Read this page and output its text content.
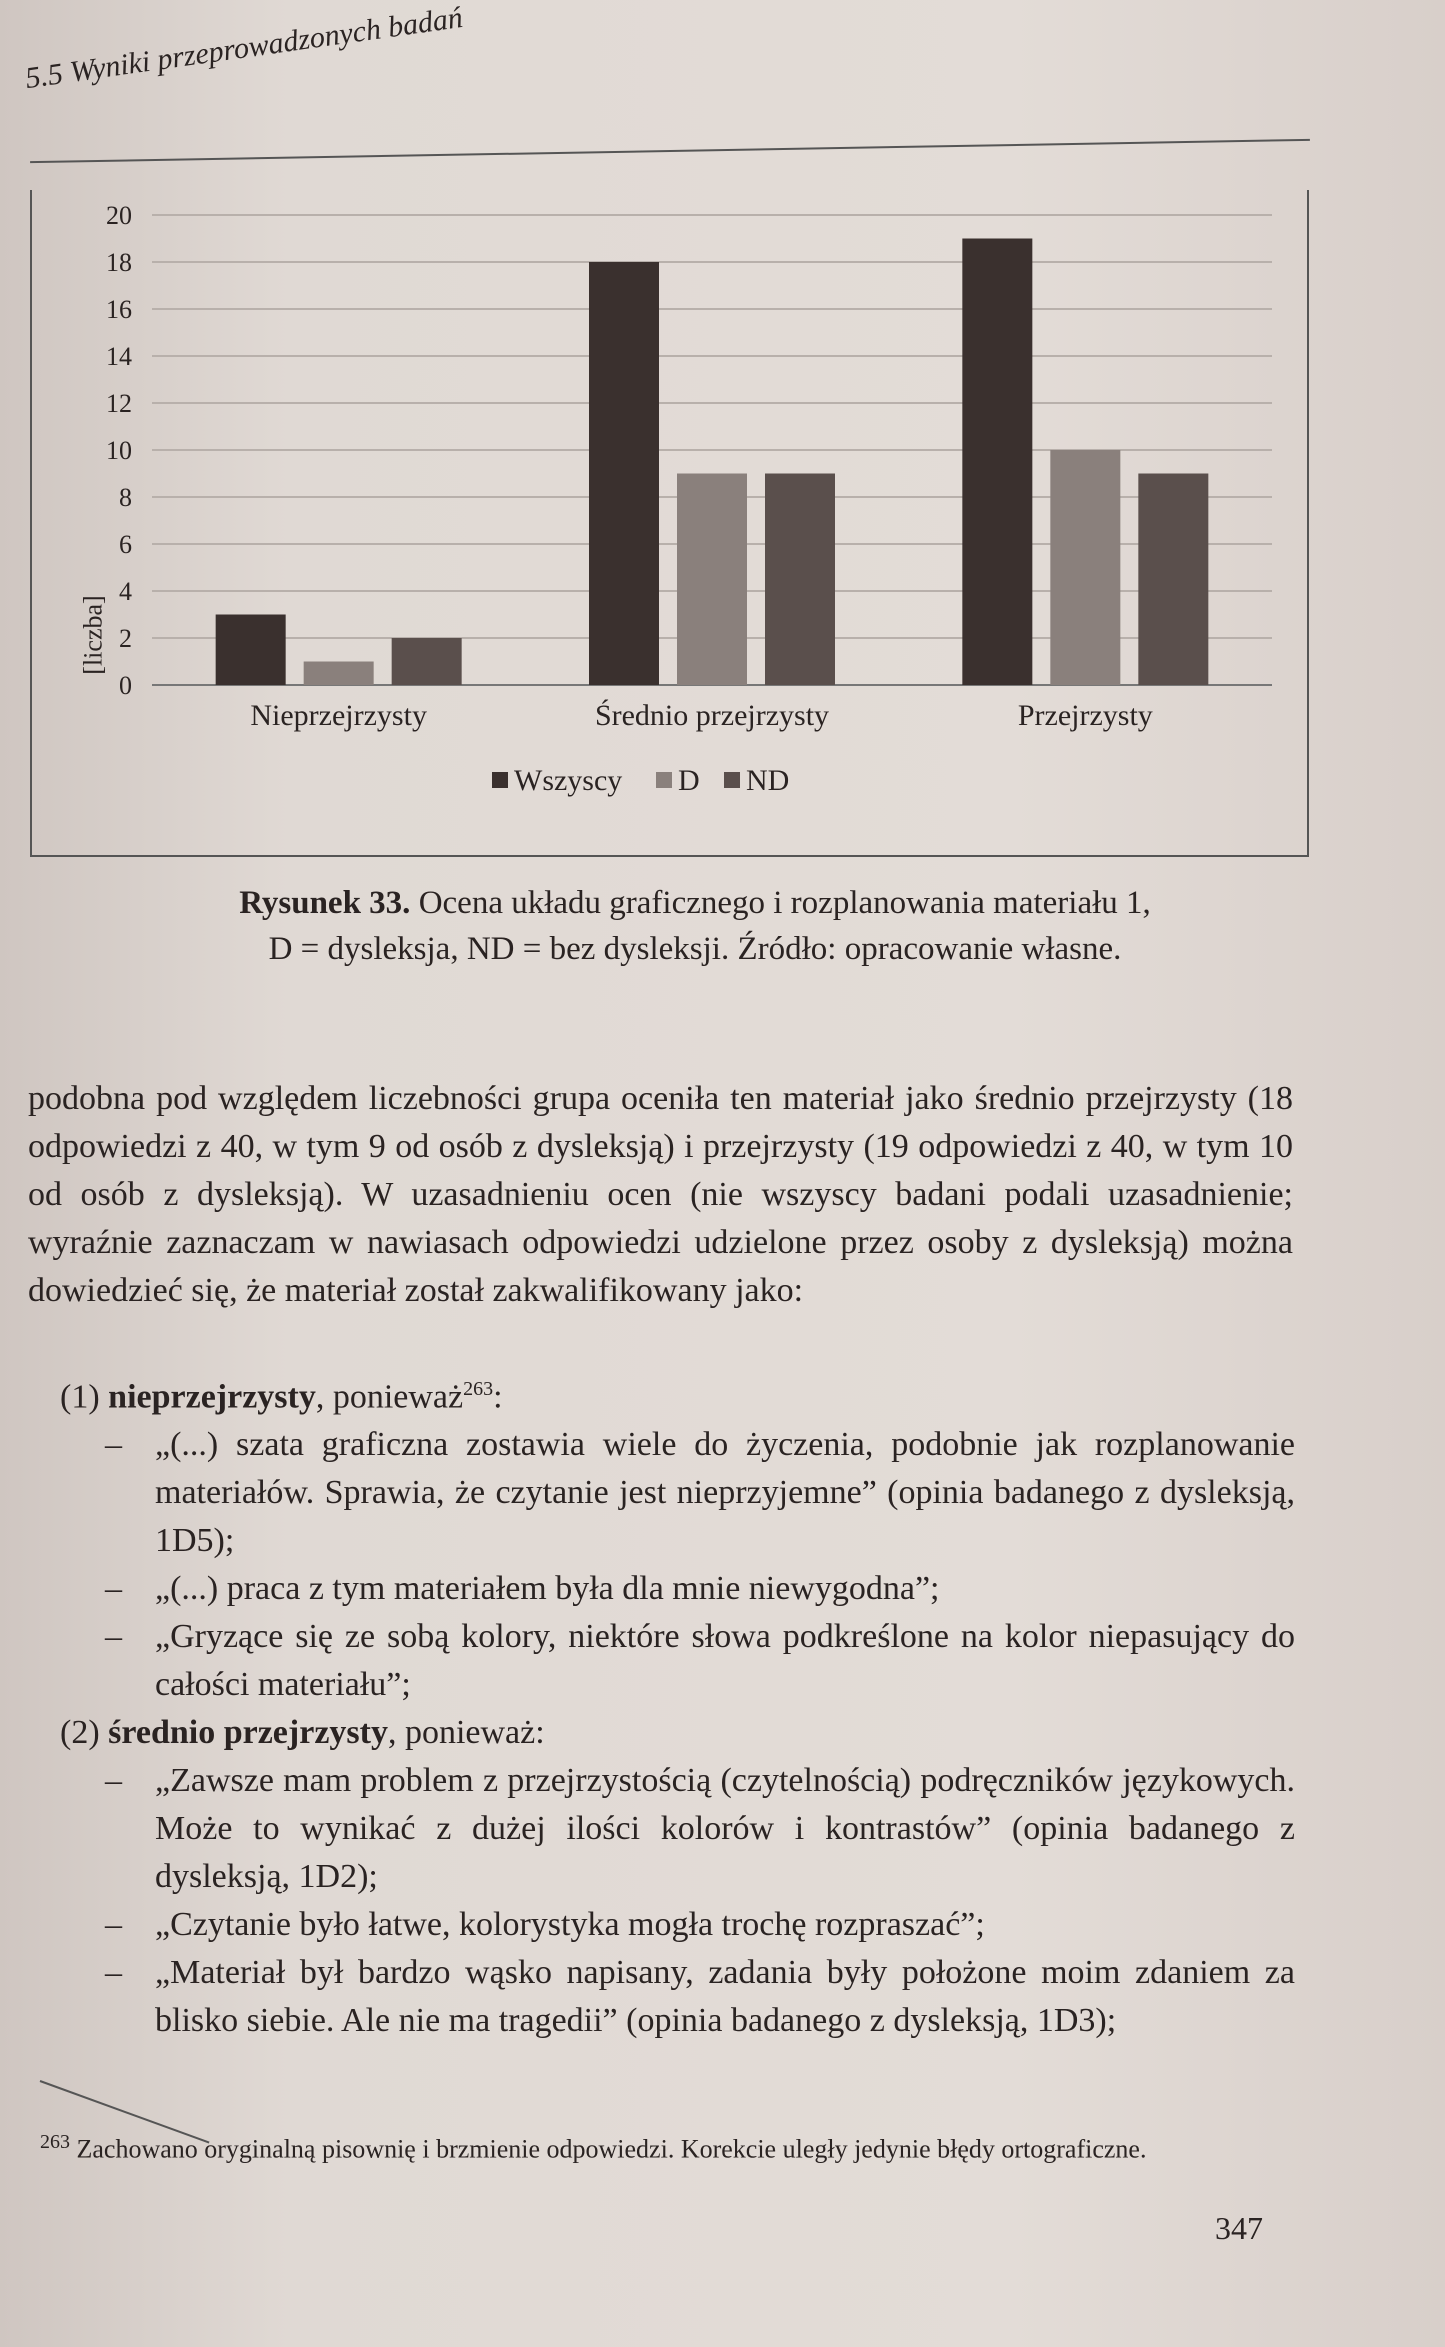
5.5 Wyniki przeprowadzonych badań
0
2
4
6
8
10
12
14
16
18
20
Nieprzejrzysty	Średnio przejrzysty	Przejrzysty
Wszyscy D ND
[liczba]
Rysunek 33. Ocena układu graficznego i rozplanowania materiału 1,
D = dysleksja, ND = bez dysleksji. Źródło: opracowanie własne.
podobna pod względem liczebności grupa oceniła ten materiał jako średnio przejrzysty (18 odpowiedzi z 40, w tym 9 od osób z dysleksją) i przejrzysty (19 odpowiedzi z 40, w tym 10 od osób z dysleksją). W uzasadnieniu ocen (nie wszyscy badani podali uzasadnienie; wyraźnie zaznaczam w nawiasach odpowiedzi udzielone przez osoby z dysleksją) można dowiedzieć się, że materiał został zakwalifikowany jako:

(1) nieprzejrzysty, ponieważ$^{263}$:

– „(...) szata graficzna zostawia wiele do życzenia, podobnie jak rozplanowanie materiałów. Sprawia, że czytanie jest nieprzyjemne” (opinia badanego z dysleksją, 1D5);
– „(...) praca z tym materiałem była dla mnie niewygodna”;
– „Gryzące się ze sobą kolory, niektóre słowa podkreślone na kolor niepasujący do całości materiału”;

(2) średnio przejrzysty, ponieważ:

– „Zawsze mam problem z przejrzystością (czytelnością) podręczników językowych. Może to wynikać z dużej ilości kolorów i kontrastów” (opinia badanego z dysleksją, 1D2);
– „Czytanie było łatwe, kolorystyka mogła trochę rozpraszać”;
– „Materiał był bardzo wąsko napisany, zadania były położone moim zdaniem za blisko siebie. Ale nie ma tragedii” (opinia badanego z dysleksją, 1D3);
$^{263}$ Zachowano oryginalną pisownię i brzmienie odpowiedzi. Korekcie uległy jedynie błędy ortograficzne.
347
